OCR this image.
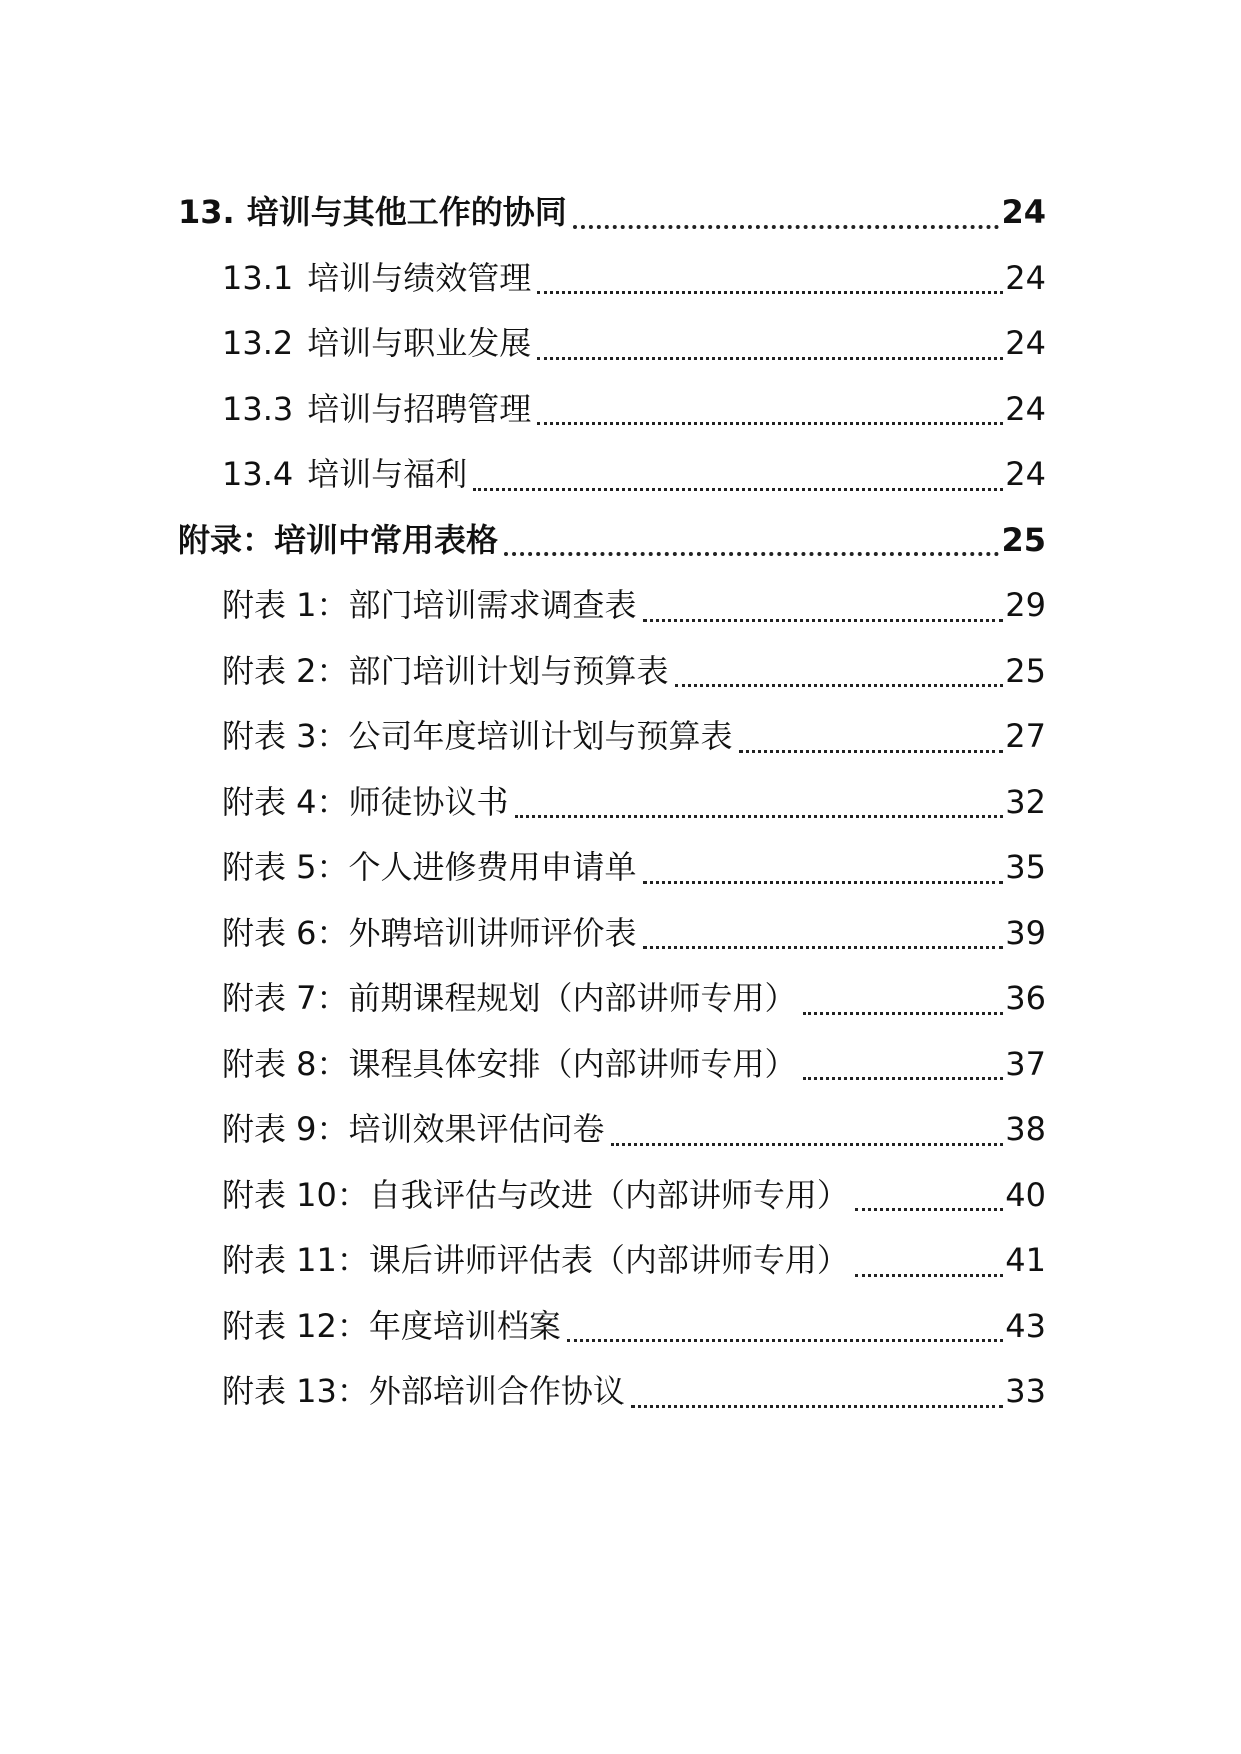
13. 培训与其他工作的协同	24
13.1 培训与绩效管理	24
13.2 培训与职业发展	24
13.3 培训与招聘管理	24
13.4 培训与福利	24
附录：培训中常用表格	25
附表 1：部门培训需求调查表	29
附表 2：部门培训计划与预算表	25
附表 3：公司年度培训计划与预算表	27
附表 4：师徒协议书	32
附表 5：个人进修费用申请单	35
附表 6：外聘培训讲师评价表	39
附表 7：前期课程规划（内部讲师专用）	36
附表 8：课程具体安排（内部讲师专用）	37
附表 9：培训效果评估问卷	38
附表 10：自我评估与改进（内部讲师专用）	40
附表 11：课后讲师评估表（内部讲师专用）	41
附表 12：年度培训档案	43
附表 13：外部培训合作协议	33
